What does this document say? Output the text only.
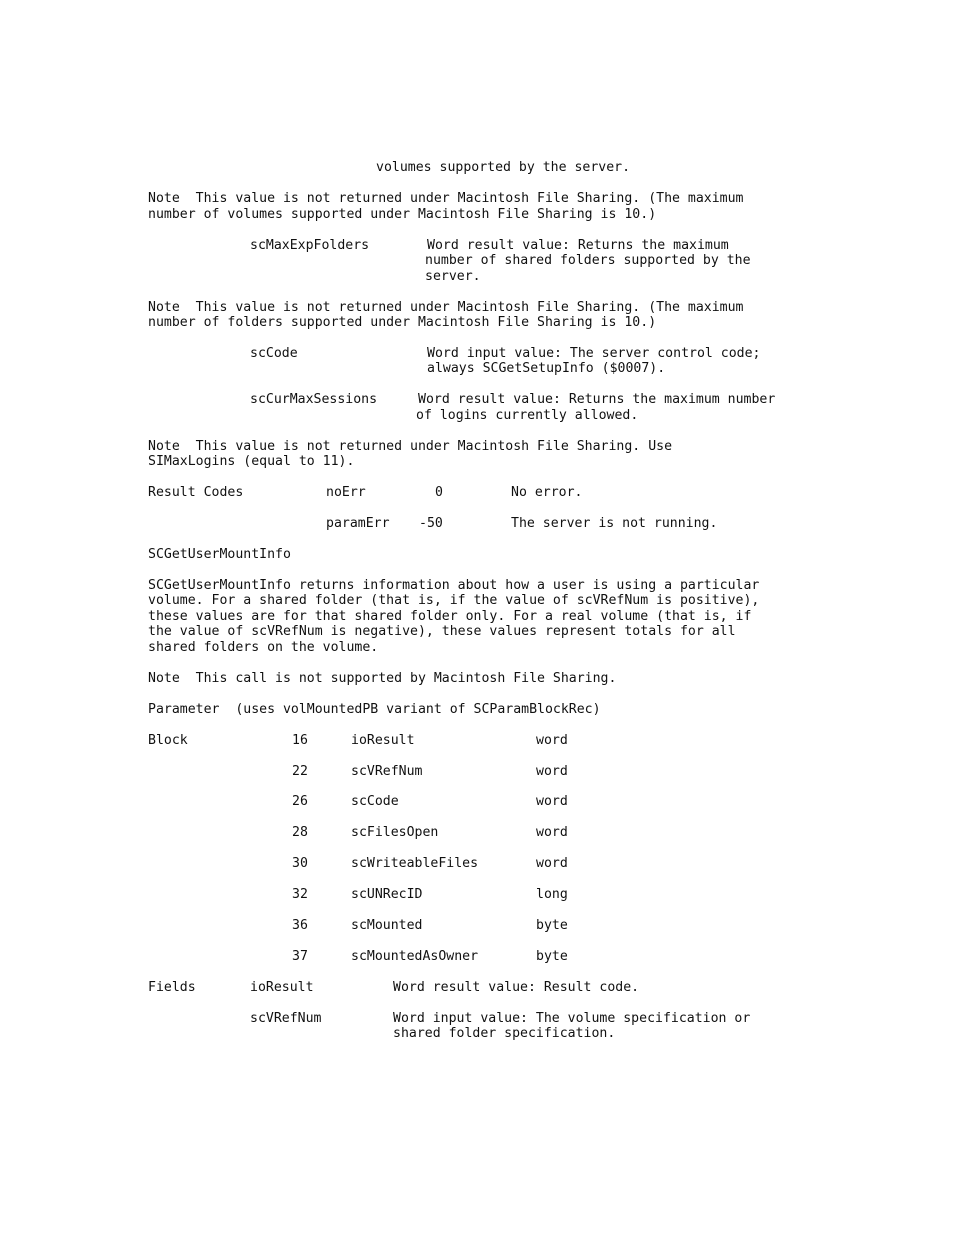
volumes supported by the server.
Note  This value is not returned under Macintosh File Sharing. (The maximum
number of volumes supported under Macintosh File Sharing is 10.)
scMaxExpFolders	Word result value: Returns the maximum
number of shared folders supported by the
server.
Note  This value is not returned under Macintosh File Sharing. (The maximum
number of folders supported under Macintosh File Sharing is 10.)
scCode	Word input value: The server control code;
always SCGetSetupInfo ($0007).
scCurMaxSessions	Word result value: Returns the maximum number
of logins currently allowed.
Note  This value is not returned under Macintosh File Sharing. Use
SIMaxLogins (equal to 11).
Result Codes	noErr	0	No error.
paramErr -50	The server is not running.
SCGetUserMountInfo
SCGetUserMountInfo returns information about how a user is using a particular
volume. For a shared folder (that is, if the value of scVRefNum is positive),
these values are for that shared folder only. For a real volume (that is, if
the value of scVRefNum is negative), these values represent totals for all
shared folders on the volume.
Note  This call is not supported by Macintosh File Sharing.
Parameter  (uses volMountedPB variant of SCParamBlockRec)
Block	16	ioResult	word
22	scVRefNum	word
26	scCode	word
28	scFilesOpen	word
30	scWriteableFiles	word
32	scUNRecID	long
36	scMounted	byte
37	scMountedAsOwner	byte
Fields	ioResult	Word result value: Result code.
scVRefNum	Word input value: The volume specification or
shared folder specification.
